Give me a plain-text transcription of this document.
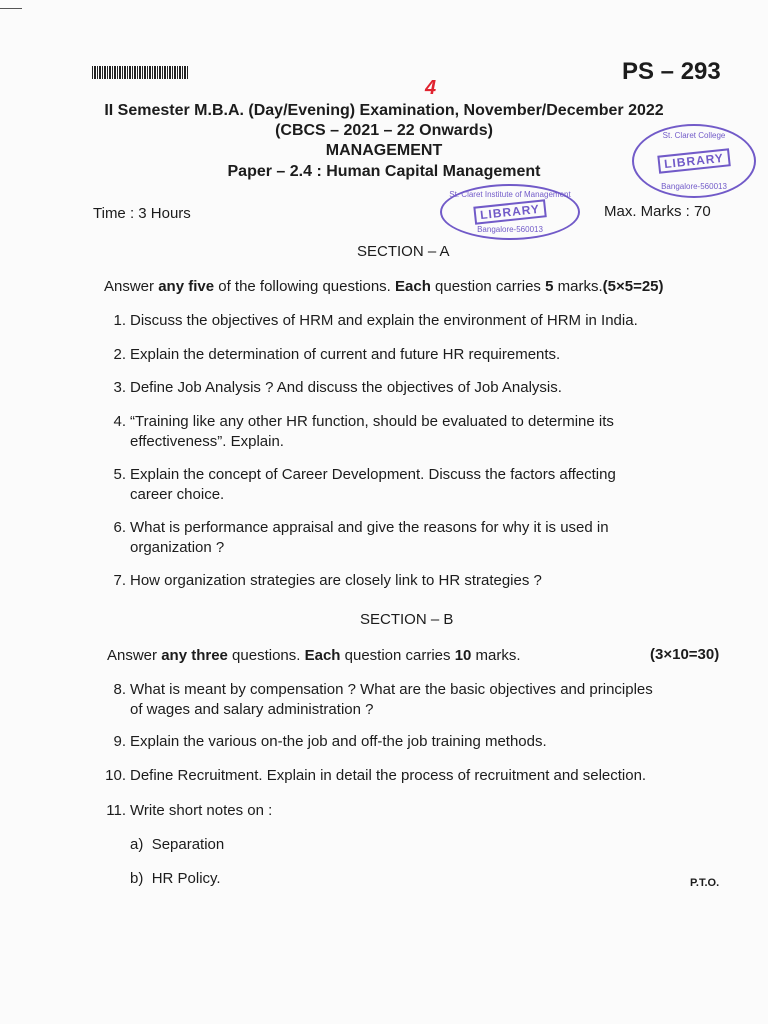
PS – 293
4
II Semester M.B.A. (Day/Evening) Examination, November/December 2022
(CBCS – 2021 – 22 Onwards)
MANAGEMENT
Paper – 2.4 : Human Capital Management
Time : 3 Hours	Max. Marks : 70
St. Claret College
LIBRARY
Bangalore-560013
St. Claret Institute of Management
LIBRARY
Bangalore-560013
SECTION – A
Answer any five of the following questions. Each question carries 5 marks.(5×5=25)
1. Discuss the objectives of HRM and explain the environment of HRM in India.
2. Explain the determination of current and future HR requirements.
3. Define Job Analysis ? And discuss the objectives of Job Analysis.
4. “Training like any other HR function, should be evaluated to determine its
effectiveness”. Explain.
5. Explain the concept of Career Development. Discuss the factors affecting
career choice.
6. What is performance appraisal and give the reasons for why it is used in
organization ?
7. How organization strategies are closely link to HR strategies ?
SECTION – B
Answer any three questions. Each question carries 10 marks.	(3×10=30)
8. What is meant by compensation ? What are the basic objectives and principles
of wages and salary administration ?
9. Explain the various on-the job and off-the job training methods.
10. Define Recruitment. Explain in detail the process of recruitment and selection.
11. Write short notes on :
a) Separation
b) HR Policy.	P.T.O.
